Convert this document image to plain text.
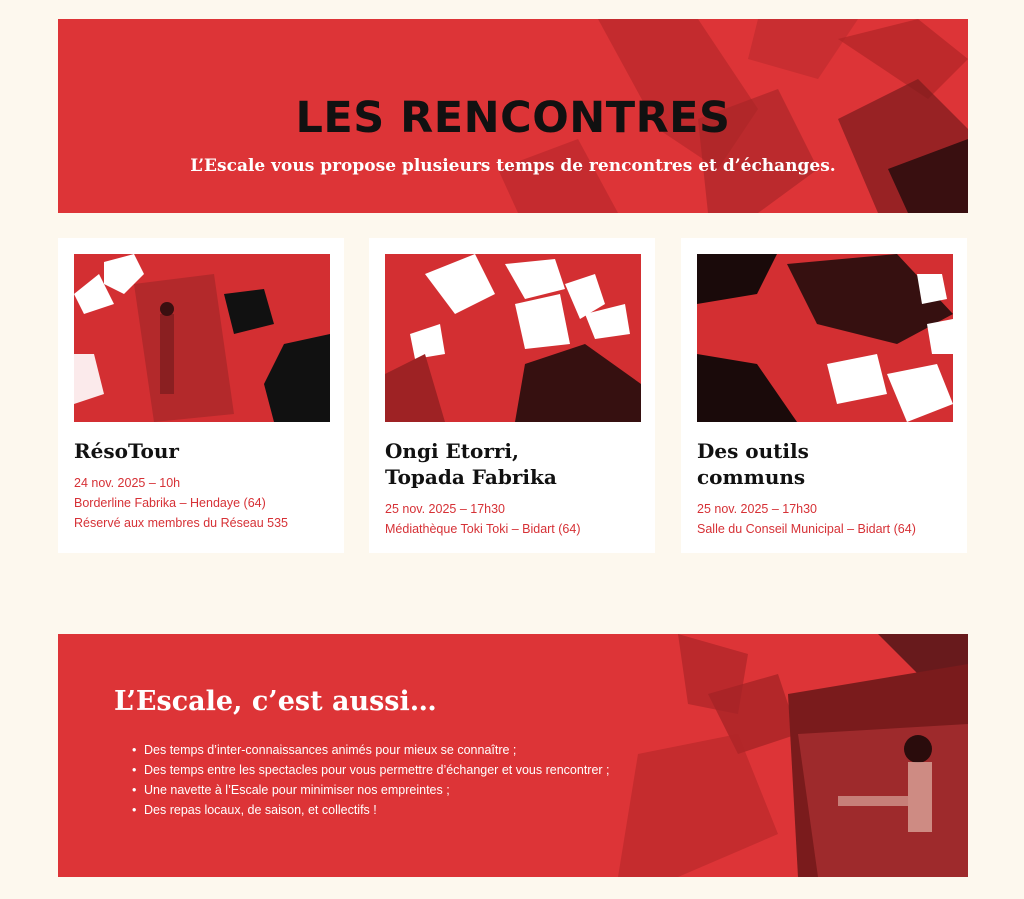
LES RENCONTRES
L’Escale vous propose plusieurs temps de rencontres et d’échanges.
RésoTour
24 nov. 2025 – 10h
Borderline Fabrika – Hendaye (64)
Réservé aux membres du Réseau 535
Ongi Etorri,
Topada Fabrika
25 nov. 2025 – 17h30
Médiathèque Toki Toki – Bidart (64)
Des outils
communs
25 nov. 2025 – 17h30
Salle du Conseil Municipal – Bidart (64)
L’Escale, c’est aussi…
• Des temps d’inter-connaissances animés pour mieux se connaître ;
• Des temps entre les spectacles pour vous permettre d’échanger et vous rencontrer ;
• Une navette à l’Escale pour minimiser nos empreintes ;
• Des repas locaux, de saison, et collectifs !
